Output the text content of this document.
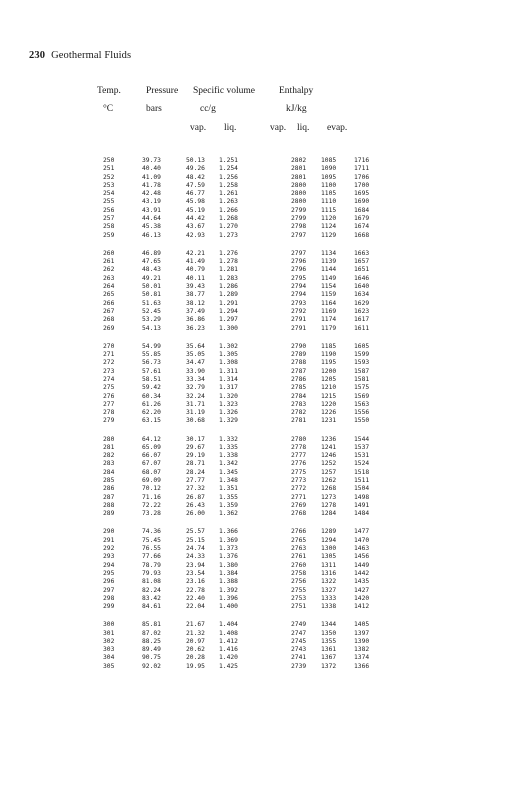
230 Geothermal Fluids
Temp.	Pressure Specific volume	Enthalpy
°C	bars	cc/g	kJ/kg
vap. liq.	vap. liq. evap.
250	39.73	50.13 1.251	2802 1085	1716
251	40.40	49.26 1.254	2801 1090	1711
252	41.09	48.42 1.256	2801 1095	1706
253	41.78	47.59 1.258	2800 1100	1700
254	42.48	46.77 1.261	2800 1105	1695
255	43.19	45.98 1.263	2800 1110	1690
256	43.91	45.19 1.266	2799 1115	1684
257	44.64	44.42 1.268	2799 1120	1679
258	45.38	43.67 1.270	2798 1124	1674
259	46.13	42.93 1.273	2797 1129	1668
260	46.89	42.21 1.276	2797 1134	1663
261	47.65	41.49 1.278	2796 1139	1657
262	48.43	40.79 1.281	2796 1144	1651
263	49.21	40.11 1.283	2795 1149	1646
264	50.01	39.43 1.286	2794 1154	1640
265	50.81	38.77 1.289	2794 1159	1634
266	51.63	38.12 1.291	2793 1164	1629
267	52.45	37.49 1.294	2792 1169	1623
268	53.29	36.86 1.297	2791 1174	1617
269	54.13	36.23 1.300	2791 1179	1611
270	54.99	35.64 1.302	2790 1185	1605
271	55.85	35.05 1.305	2789 1190	1599
272	56.73	34.47 1.308	2788 1195	1593
273	57.61	33.90 1.311	2787 1200	1587
274	58.51	33.34 1.314	2786 1205	1581
275	59.42	32.79 1.317	2785 1210	1575
276	60.34	32.24 1.320	2784 1215	1569
277	61.26	31.71 1.323	2783 1220	1563
278	62.20	31.19 1.326	2782 1226	1556
279	63.15	30.68 1.329	2781 1231	1550
280	64.12	30.17 1.332	2780 1236	1544
281	65.09	29.67 1.335	2778 1241	1537
282	66.07	29.19 1.338	2777 1246	1531
283	67.07	28.71 1.342	2776 1252	1524
284	68.07	28.24 1.345	2775 1257	1518
285	69.09	27.77 1.348	2773 1262	1511
286	70.12	27.32 1.351	2772 1268	1504
287	71.16	26.87 1.355	2771 1273	1498
288	72.22	26.43 1.359	2769 1278	1491
289	73.28	26.00 1.362	2768 1284	1484
290	74.36	25.57 1.366	2766 1289	1477
291	75.45	25.15 1.369	2765 1294	1470
292	76.55	24.74 1.373	2763 1300	1463
293	77.66	24.33 1.376	2761 1305	1456
294	78.79	23.94 1.380	2760 1311	1449
295	79.93	23.54 1.384	2758 1316	1442
296	81.08	23.16 1.388	2756 1322	1435
297	82.24	22.78 1.392	2755 1327	1427
298	83.42	22.40 1.396	2753 1333	1420
299	84.61	22.04 1.400	2751 1338	1412
300	85.81	21.67 1.404	2749 1344	1405
301	87.02	21.32 1.408	2747 1350	1397
302	88.25	20.97 1.412	2745 1355	1390
303	89.49	20.62 1.416	2743 1361	1382
304	90.75	20.28 1.420	2741 1367	1374
305	92.02	19.95 1.425	2739 1372	1366
